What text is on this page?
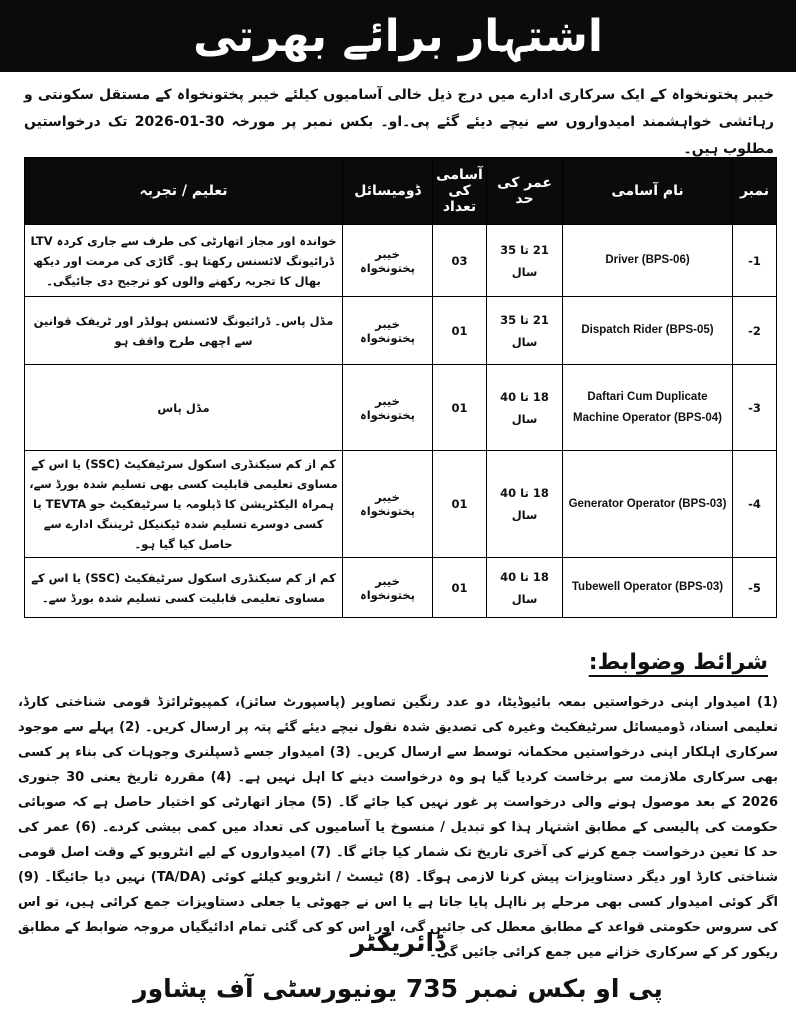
اشتہار برائے بھرتی
خیبر پختونخواہ کے ایک سرکاری ادارے میں درج ذیل خالی آسامیوں کیلئے خیبر پختونخواہ کے مستقل سکونتی و رہائشی خواہشمند امیدواروں سے نیچے دیئے گئے پی۔او۔ بکس نمبر پر مورخہ 30-01-2026 تک درخواستیں مطلوب ہیں۔
نمبر	نام آسامی	عمر کی حد	آسامی کی تعداد	ڈومیسائل	تعلیم / تجربہ
1-	Driver (BPS-06)	21 تا 35 سال	03	خیبر پختونخواہ	خواندہ اور مجاز اتھارٹی کی طرف سے جاری کردہ LTV ڈرائیونگ لائسنس رکھتا ہو۔ گاڑی کی مرمت اور دیکھ بھال کا تجربہ رکھنے والوں کو ترجیح دی جائیگی۔
2-	Dispatch Rider (BPS-05)	21 تا 35 سال	01	خیبر پختونخواہ	مڈل پاس۔ ڈرائیونگ لائسنس ہولڈر اور ٹریفک قوانین سے اچھی طرح واقف ہو
3-	Daftari Cum Duplicate Machine Operator (BPS-04)	18 تا 40 سال	01	خیبر پختونخواہ	مڈل پاس
4-	Generator Operator (BPS-03)	18 تا 40 سال	01	خیبر پختونخواہ	کم از کم سیکنڈری اسکول سرٹیفکیٹ (SSC) یا اس کے مساوی تعلیمی قابلیت کسی بھی تسلیم شدہ بورڈ سے، ہمراہ الیکٹریشن کا ڈپلومہ یا سرٹیفکیٹ جو TEVTA یا کسی دوسرے تسلیم شدہ ٹیکنیکل ٹریننگ ادارے سے حاصل کیا گیا ہو۔
5-	Tubewell Operator (BPS-03)	18 تا 40 سال	01	خیبر پختونخواہ	کم از کم سیکنڈری اسکول سرٹیفکیٹ (SSC) یا اس کے مساوی تعلیمی قابلیت کسی تسلیم شدہ بورڈ سے۔
شرائط وضوابط:
(1) امیدوار اپنی درخواستیں بمعہ بائیوڈیٹا، دو عدد رنگین تصاویر (پاسپورٹ سائز)، کمپیوٹرائزڈ قومی شناختی کارڈ، تعلیمی اسناد، ڈومیسائل سرٹیفکیٹ وغیرہ کی تصدیق شدہ نقول نیچے دیئے گئے پتہ پر ارسال کریں۔ (2) پہلے سے موجود سرکاری اہلکار اپنی درخواستیں محکمانہ توسط سے ارسال کریں۔ (3) امیدوار جسے ڈسپلنری وجوہات کی بناء پر کسی بھی سرکاری ملازمت سے برخاست کردیا گیا ہو وہ درخواست دینے کا اہل نہیں ہے۔ (4) مقررہ تاریخ یعنی 30 جنوری 2026 کے بعد موصول ہونے والی درخواست پر غور نہیں کیا جائے گا۔ (5) مجاز اتھارٹی کو اختیار حاصل ہے کہ صوبائی حکومت کی پالیسی کے مطابق اشتہار ہذا کو تبدیل / منسوخ یا آسامیوں کی تعداد میں کمی بیشی کردے۔ (6) عمر کی حد کا تعین درخواست جمع کرنے کی آخری تاریخ تک شمار کیا جائے گا۔ (7) امیدواروں کے لیے انٹرویو کے وقت اصل قومی شناختی کارڈ اور دیگر دستاویزات پیش کرنا لازمی ہوگا۔ (8) ٹیسٹ / انٹرویو کیلئے کوئی (TA/DA) نہیں دیا جائیگا۔ (9) اگر کوئی امیدوار کسی بھی مرحلے پر نااہل پایا جاتا ہے یا اس نے جھوٹی یا جعلی دستاویزات جمع کرائی ہیں، تو اس کی سروس حکومتی قواعد کے مطابق معطل کی جائیں گی، اور اس کو کی گئی تمام ادائیگیاں مروجہ ضوابط کے مطابق ریکور کر کے سرکاری خزانے میں جمع کرائی جائیں گی۔
ڈائریکٹر
پی او بکس نمبر 735 یونیورسٹی آف پشاور
